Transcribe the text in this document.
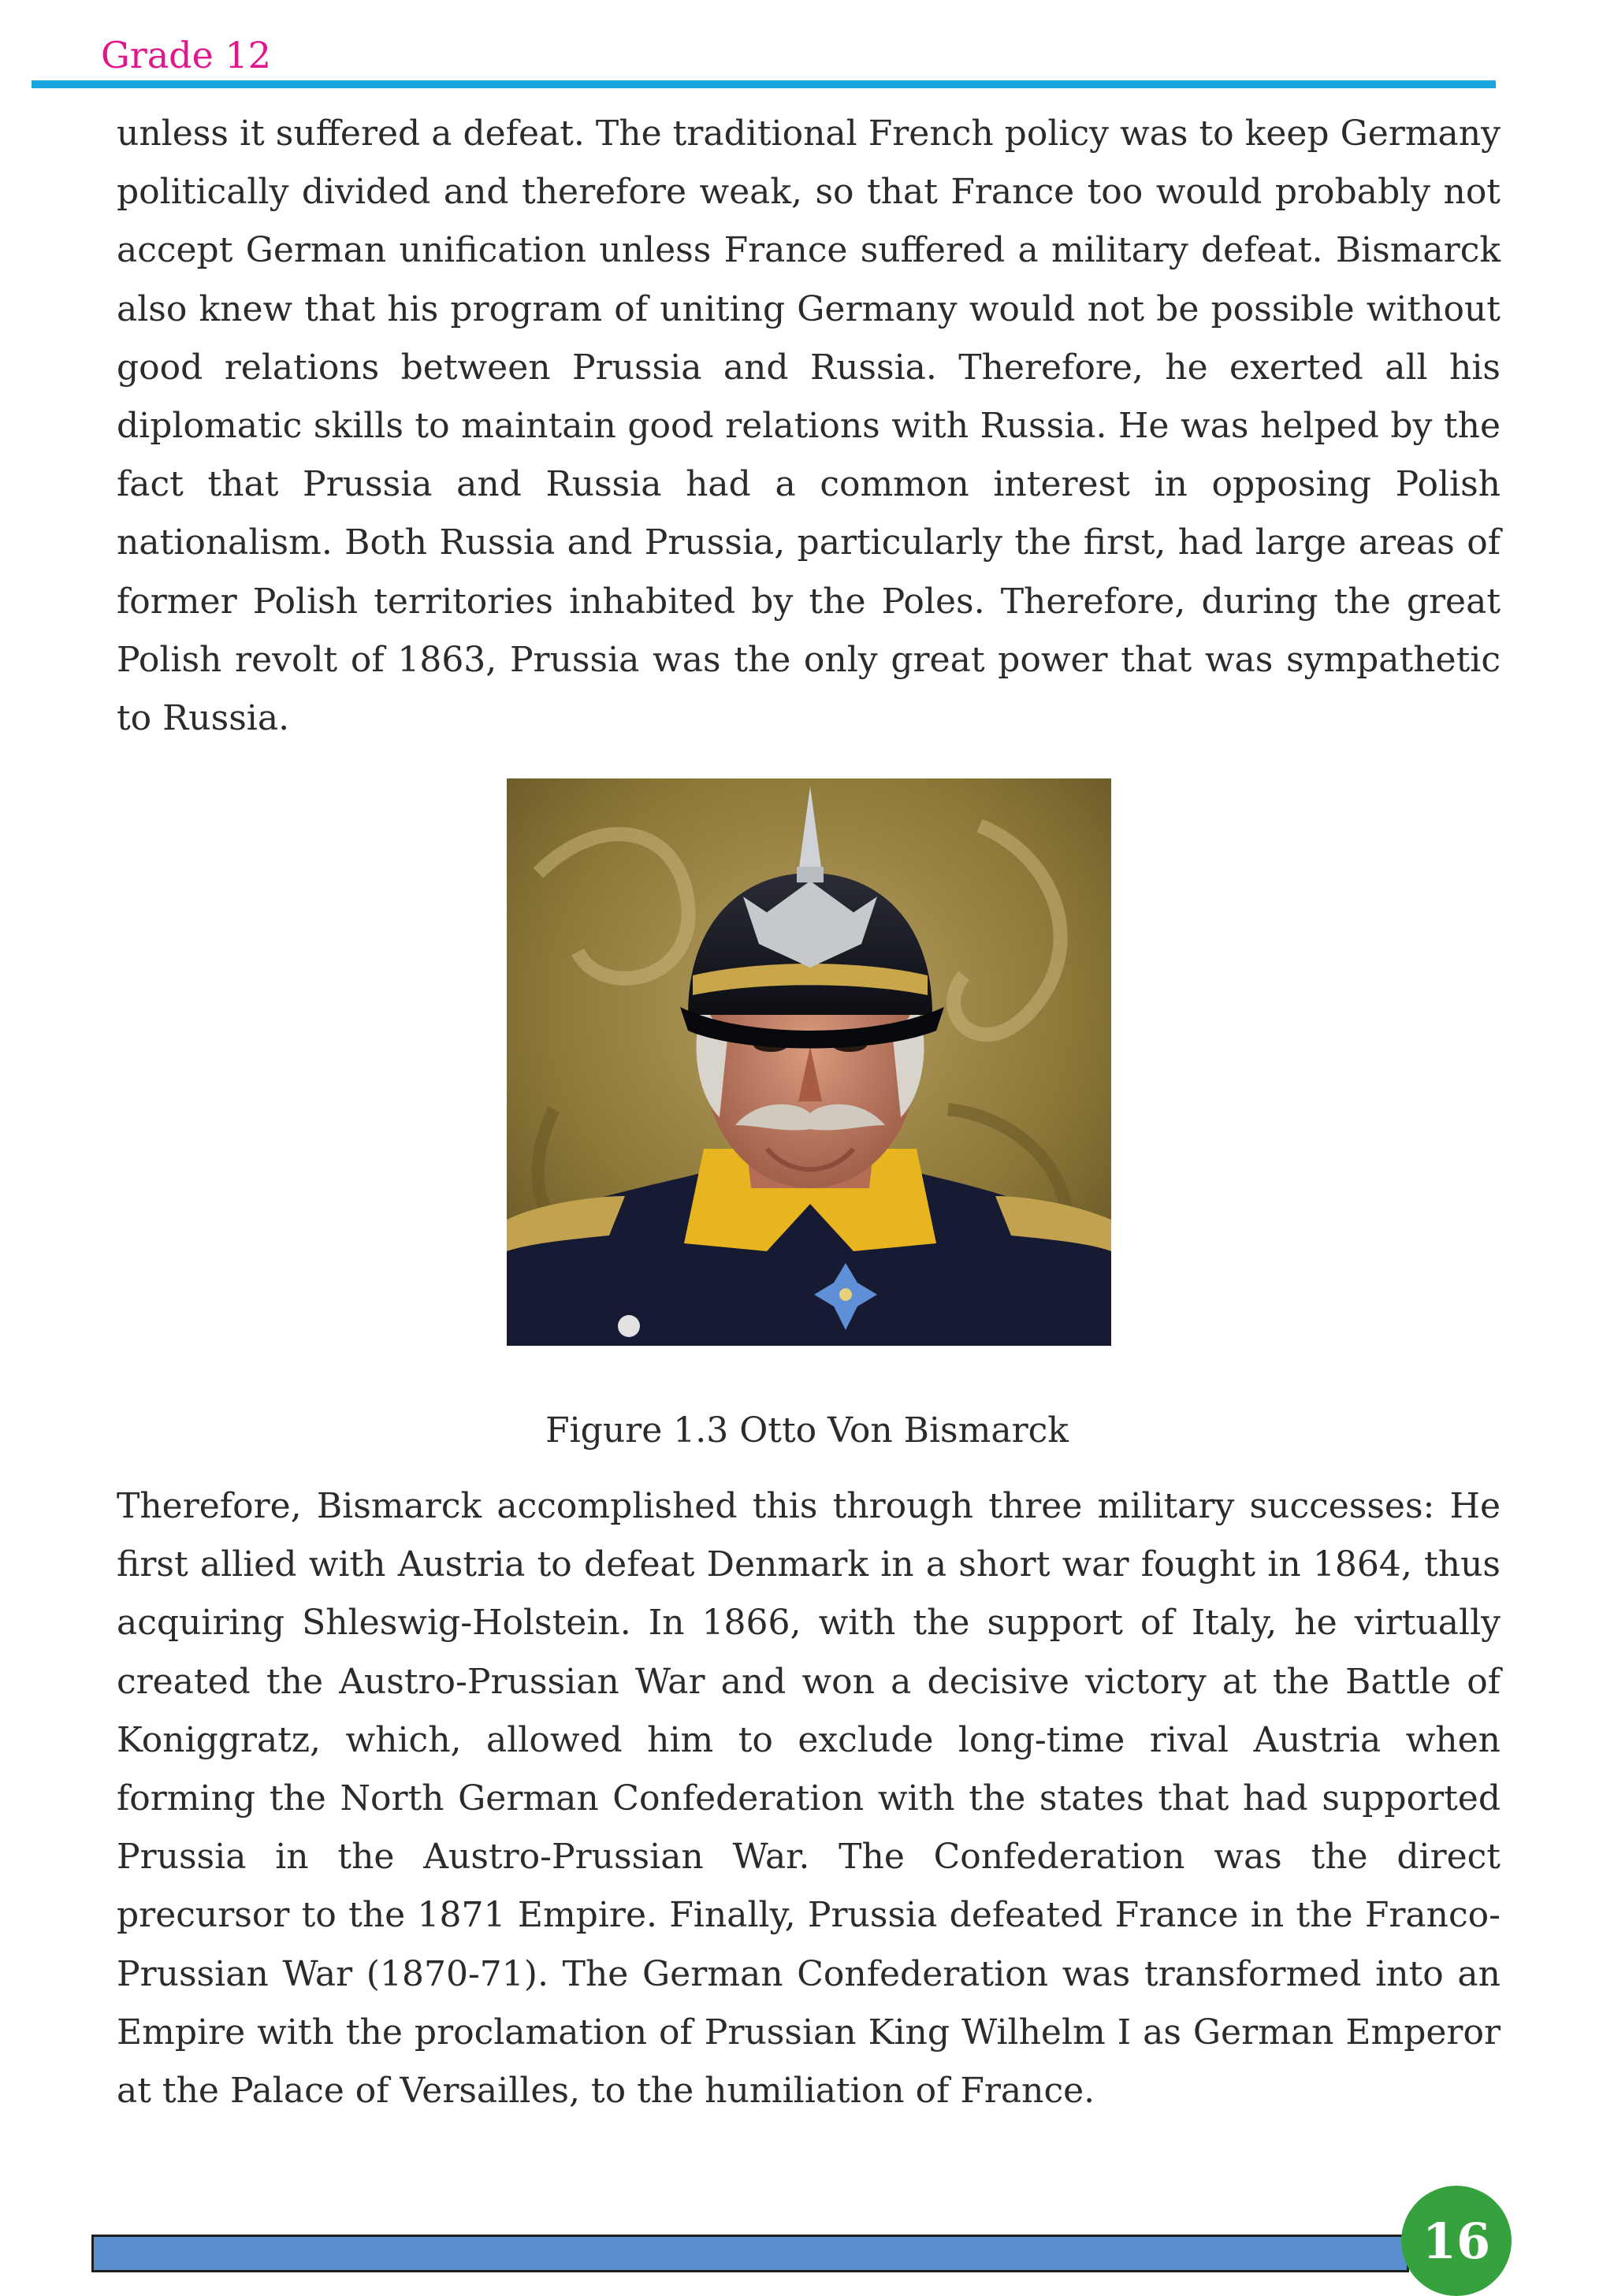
Grade 12

unless it suffered a defeat. The traditional French policy was to keep Germany politically divided and therefore weak, so that France too would probably not accept German unification unless France suffered a military defeat. Bismarck also knew that his program of uniting Germany would not be possible without good relations between Prussia and Russia. Therefore, he exerted all his diplomatic skills to maintain good relations with Russia. He was helped by the fact that Prussia and Russia had a common interest in opposing Polish nationalism. Both Russia and Prussia, particularly the first, had large areas of former Polish territories inhabited by the Poles. Therefore, during the great Polish revolt of 1863, Prussia was the only great power that was sympathetic to Russia.

Figure 1.3 Otto Von Bismarck

Therefore, Bismarck accomplished this through three military successes: He first allied with Austria to defeat Denmark in a short war fought in 1864, thus acquiring Shleswig-Holstein. In 1866, with the support of Italy, he virtually created the Austro-Prussian War and won a decisive victory at the Battle of Koniggratz, which, allowed him to exclude long-time rival Austria when forming the North German Confederation with the states that had supported Prussia in the Austro-Prussian War. The Confederation was the direct precursor to the 1871 Empire. Finally, Prussia defeated France in the Franco-Prussian War (1870-71). The German Confederation was transformed into an Empire with the proclamation of Prussian King Wilhelm I as German Emperor at the Palace of Versailles, to the humiliation of France.

16
